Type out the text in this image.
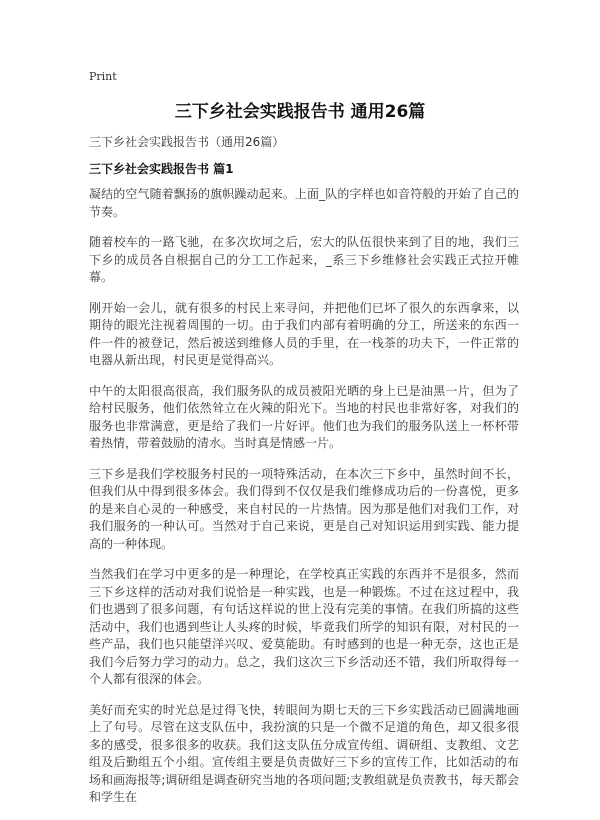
Print
三下乡社会实践报告书 通用26篇

三下乡社会实践报告书（通用26篇）

三下乡社会实践报告书 篇1

凝结的空气随着飘扬的旗帜躁动起来。上面_队的字样也如音符般的开始了自己的节奏。

随着校车的一路飞驰，在多次坎坷之后，宏大的队伍很快来到了目的地，我们三下乡的成员各自根据自己的分工工作起来，_系三下乡维修社会实践正式拉开帷幕。

刚开始一会儿，就有很多的村民上来寻问，并把他们已坏了很久的东西拿来，以期待的眼光注视着周围的一切。由于我们内部有着明确的分工，所送来的东西一件一件的被登记，然后被送到维修人员的手里，在一栈茶的功夫下，一件正常的电器从新出现，村民更是觉得高兴。

中午的太阳很高很高，我们服务队的成员被阳光晒的身上已是油黑一片，但为了给村民服务，他们依然耸立在火辣的阳光下。当地的村民也非常好客，对我们的服务也非常满意，更是给了我们一片好评。他们也为我们的服务队送上一杯杯带着热情，带着鼓励的清水。当时真是情感一片。

三下乡是我们学校服务村民的一项特殊活动，在本次三下乡中，虽然时间不长，但我们从中得到很多体会。我们得到不仅仅是我们维修成功后的一份喜悦，更多的是来自心灵的一种感受，来自村民的一片热情。因为那是他们对我们工作，对我们服务的一种认可。当然对于自己来说，更是自己对知识运用到实践、能力提高的一种体现。

当然我们在学习中更多的是一种理论，在学校真正实践的东西并不是很多，然而三下乡这样的活动对我们说恰是一种实践，也是一种锻炼。不过在这过程中，我们也遇到了很多问题，有句话这样说的世上没有完美的事情。在我们所搞的这些活动中，我们也遇到些让人头疼的时候，毕竟我们所学的知识有限，对村民的一些产品，我们也只能望洋兴叹、爱莫能助。有时感到的也是一种无奈，这也正是我们今后努力学习的动力。总之，我们这次三下乡活动还不错，我们所取得每一个人都有很深的体会。

美好而充实的时光总是过得飞快，转眼间为期七天的三下乡实践活动已圆满地画上了句号。尽管在这支队伍中，我扮演的只是一个微不足道的角色，却又很多很多的感受，很多很多的收获。我们这支队伍分成宣传组、调研组、支教组、文艺组及后勤组五个小组。宣传组主要是负责做好三下乡的宣传工作，比如活动的布场和画海报等;调研组是调查研究当地的各项问题;支教组就是负责教书，每天都会和学生在
